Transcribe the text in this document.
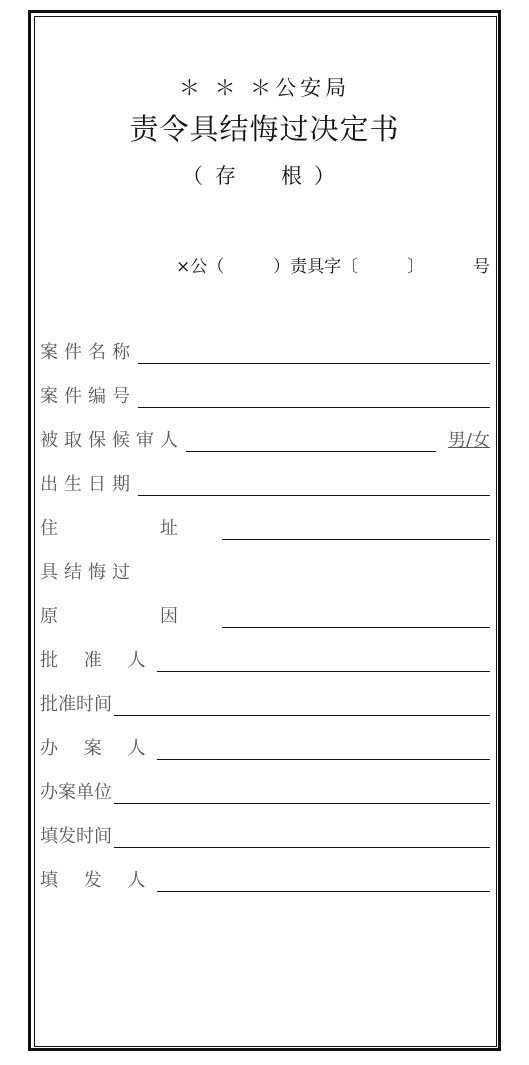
＊ ＊ ＊公安局
责令具结悔过决定书
（存　根）
×公（	）责具字〔	〕	号
案件名称
案件编号
被取保候审人	男/女
出生日期
住　址
具结悔过
原　因
批 准 人
批准时间
办 案 人
办案单位
填发时间
填 发 人
